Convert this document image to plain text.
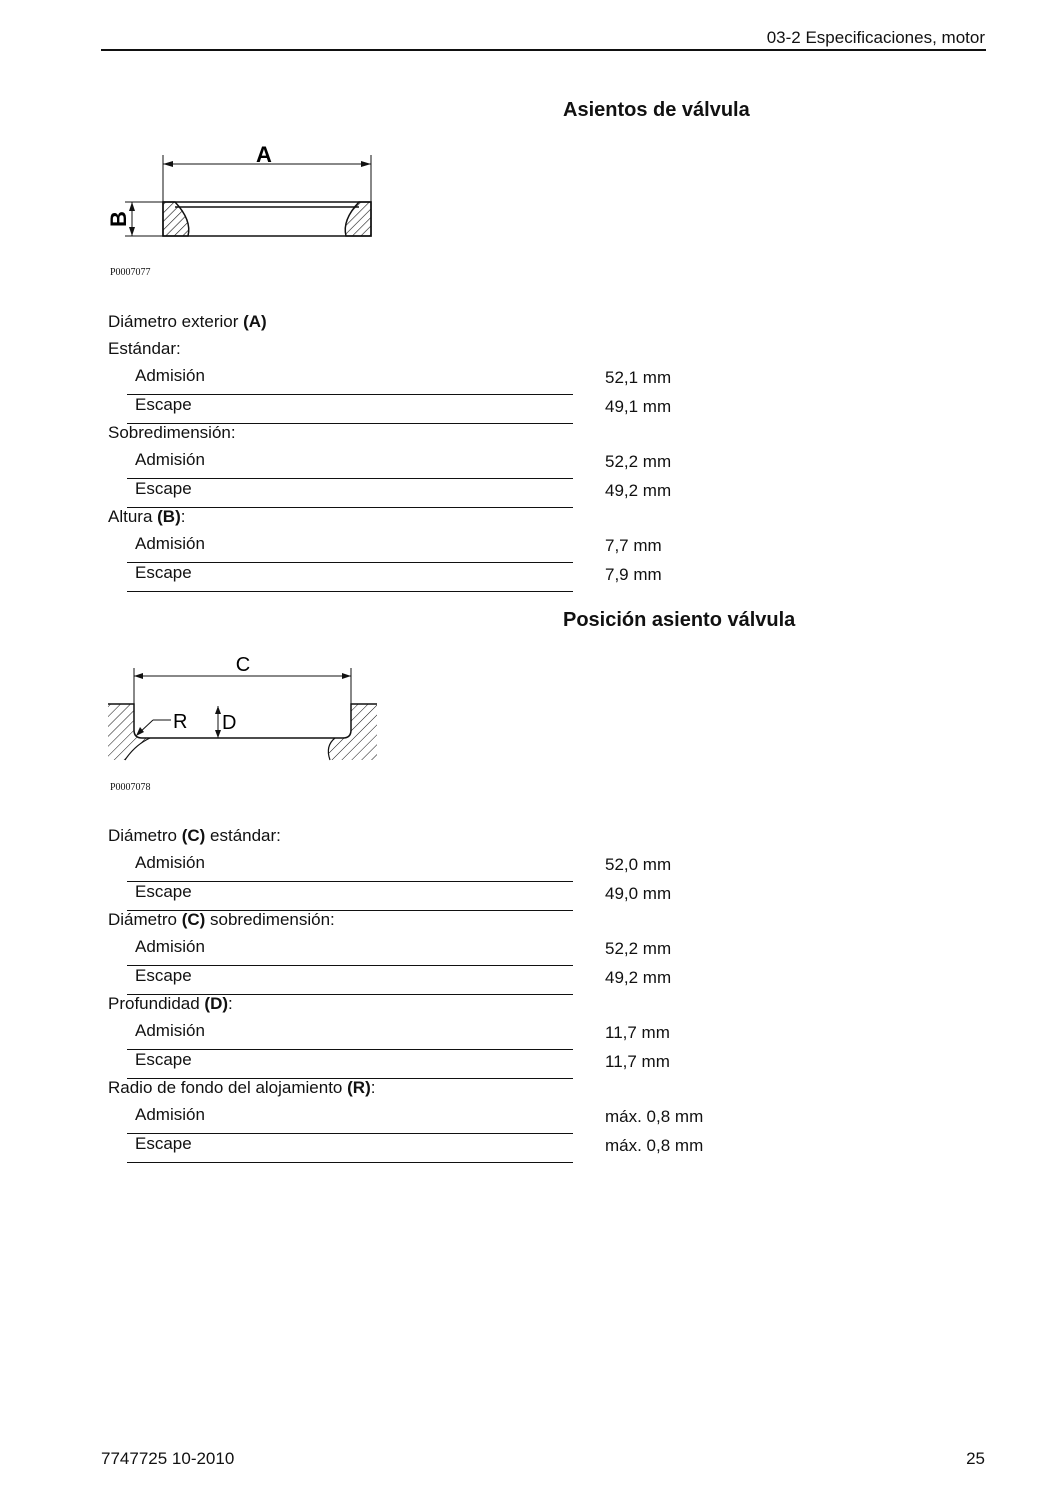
03-2 Especificaciones, motor
Asientos de válvula
A
B
P0007077
Diámetro exterior (A)
Estándar:
Admisión	52,1 mm
Escape	49,1 mm
Sobredimensión:
Admisión	52,2 mm
Escape	49,2 mm
Altura (B):
Admisión	7,7 mm
Escape	7,9 mm
Posición asiento válvula
C
R D
P0007078
Diámetro (C) estándar:
Admisión	52,0 mm
Escape	49,0 mm
Diámetro (C) sobredimensión:
Admisión	52,2 mm
Escape	49,2 mm
Profundidad (D):
Admisión	11,7 mm
Escape	11,7 mm
Radio de fondo del alojamiento (R):
Admisión	máx. 0,8 mm
Escape	máx. 0,8 mm
7747725 10-2010	25
